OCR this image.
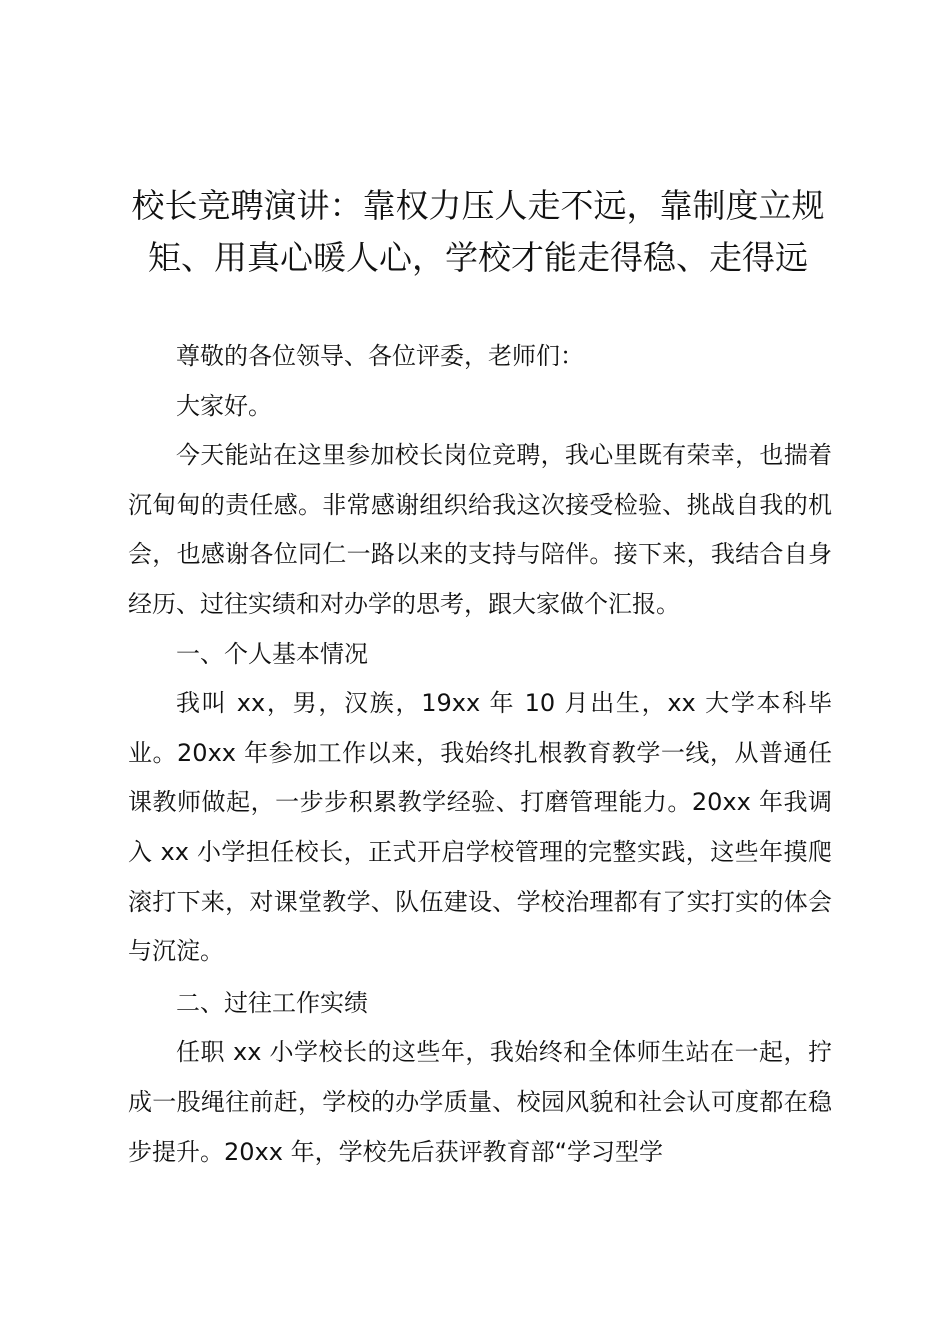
校长竞聘演讲：靠权力压人走不远，靠制度立规矩、用真心暖人心，学校才能走得稳、走得远

尊敬的各位领导、各位评委，老师们：

大家好。

今天能站在这里参加校长岗位竞聘，我心里既有荣幸，也揣着沉甸甸的责任感。非常感谢组织给我这次接受检验、挑战自我的机会，也感谢各位同仁一路以来的支持与陪伴。接下来，我结合自身经历、过往实绩和对办学的思考，跟大家做个汇报。

一、个人基本情况

我叫 xx，男，汉族，19xx 年 10 月出生，xx 大学本科毕业。20xx 年参加工作以来，我始终扎根教育教学一线，从普通任课教师做起，一步步积累教学经验、打磨管理能力。20xx 年我调入 xx 小学担任校长，正式开启学校管理的完整实践，这些年摸爬滚打下来，对课堂教学、队伍建设、学校治理都有了实打实的体会与沉淀。

二、过往工作实绩

任职 xx 小学校长的这些年，我始终和全体师生站在一起，拧成一股绳往前赶，学校的办学质量、校园风貌和社会认可度都在稳步提升。20xx 年，学校先后获评教育部“学习型学
